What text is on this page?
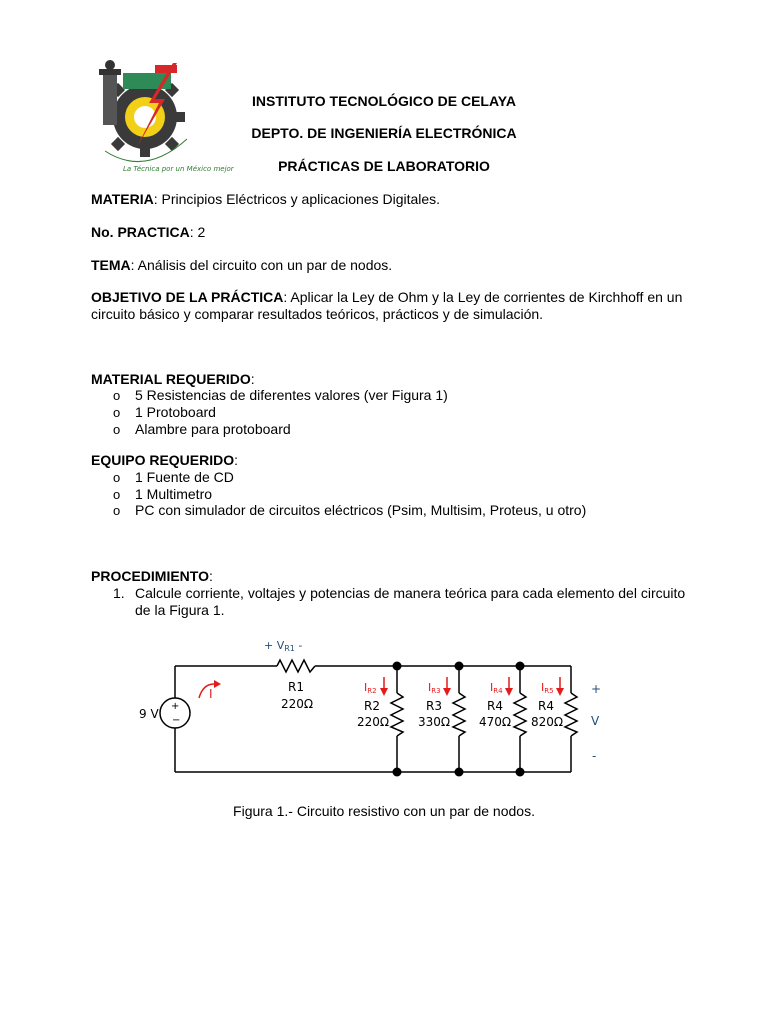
La Técnica por un México mejor
INSTITUTO TECNOLÓGICO DE CELAYA
DEPTO. DE INGENIERÍA ELECTRÓNICA
PRÁCTICAS DE LABORATORIO
MATERIA: Principios Eléctricos y aplicaciones Digitales.
No. PRACTICA: 2
TEMA: Análisis del circuito con un par de nodos.
OBJETIVO DE LA PRÁCTICA: Aplicar la Ley de Ohm y la Ley de corrientes de Kirchhoff en un
circuito básico y comparar resultados teóricos, prácticos y de simulación.
MATERIAL REQUERIDO:
o 5 Resistencias de diferentes valores (ver Figura 1)
o 1 Protoboard
o Alambre para protoboard
EQUIPO REQUERIDO:
o 1 Fuente de CD
o 1 Multimetro
o PC con simulador de circuitos eléctricos (Psim, Multisim, Proteus, u otro)
PROCEDIMIENTO:
1. Calcule corriente, voltajes y potencias de manera teórica para cada elemento del circuito
de la Figura 1.
+
−
9 V
+ VR1 -
I	R1
220Ω
IR2
R2
220Ω
IR3
R3
330Ω
IR4
R4
470Ω
IR5
R4
820Ω
+
V
-
Figura 1.- Circuito resistivo con un par de nodos.
